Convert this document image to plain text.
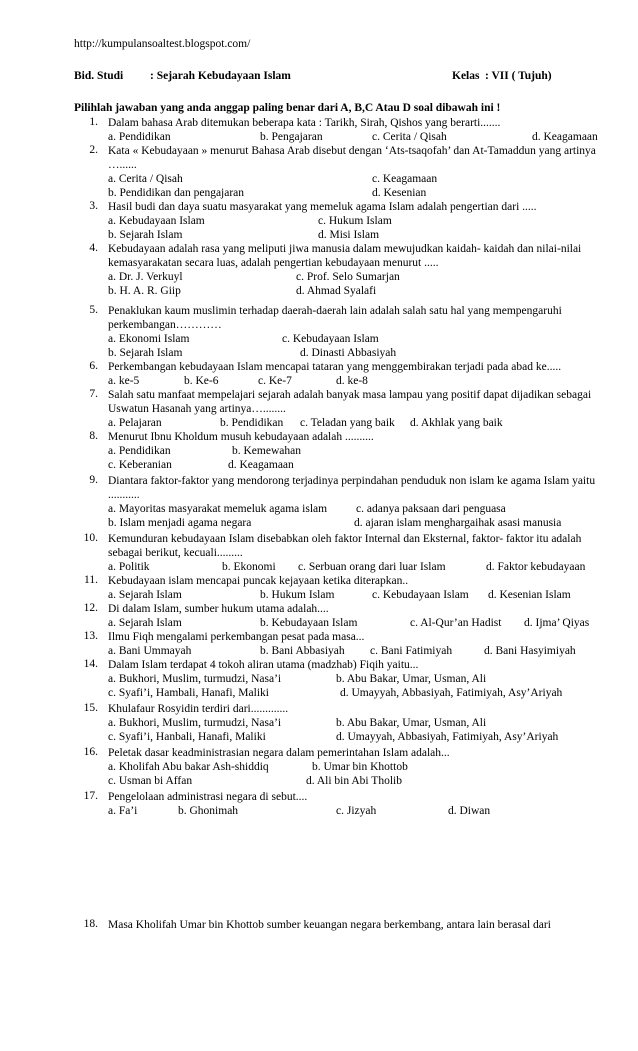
http://kumpulansoaltest.blogspot.com/
Bid. Studi : Sejarah Kebudayaan Islam	Kelas : VII ( Tujuh)
Pilihlah jawaban yang anda anggap paling benar dari A, B,C Atau D soal dibawah ini !
1. Dalam bahasa Arab ditemukan beberapa kata : Tarikh, Sirah, Qishos yang berarti.......
a. Pendidikan	b. Pengajaran	c. Cerita / Qisah	d. Keagamaan
2. Kata « Kebudayaan » menurut Bahasa Arab disebut dengan ‘Ats-tsaqofah’ dan At-Tamaddun yang artinya …......
a. Cerita / Qisah	c. Keagamaan
b. Pendidikan dan pengajaran	d. Kesenian
3. Hasil budi dan daya suatu masyarakat yang memeluk agama Islam adalah pengertian dari .....
a. Kebudayaan Islam	c. Hukum Islam
b. Sejarah Islam	d. Misi Islam
4. Kebudayaan adalah rasa yang meliputi jiwa manusia dalam mewujudkan kaidah- kaidah dan nilai-nilai kemasyarakatan secara luas, adalah pengertian kebudayaan menurut .....
a. Dr. J. Verkuyl	c. Prof. Selo Sumarjan
b. H. A. R. Giip	d. Ahmad Syalafi
5. Penaklukan kaum muslimin terhadap daerah-daerah lain adalah salah satu hal yang mempengaruhi perkembangan…………
a. Ekonomi Islam	c. Kebudayaan Islam
b. Sejarah Islam	d. Dinasti Abbasiyah
6. Perkembangan kebudayaan Islam mencapai tataran yang menggembirakan terjadi pada abad ke.....
a. ke-5	b. Ke-6	c. Ke-7	d. ke-8
7. Salah satu manfaat mempelajari sejarah adalah banyak masa lampau yang positif dapat dijadikan sebagai Uswatun Hasanah yang artinya…........
a. Pelajaran	b. Pendidikan c. Teladan yang baik d. Akhlak yang baik
8. Menurut Ibnu Kholdum musuh kebudayaan adalah ..........
a. Pendidikan	b. Kemewahan
c. Keberanian	d. Keagamaan
9. Diantara faktor-faktor yang mendorong terjadinya perpindahan penduduk non islam ke agama Islam yaitu ...........
a. Mayoritas masyarakat memeluk agama islam	c. adanya paksaan dari penguasa
b. Islam menjadi agama negara	d. ajaran islam menghargaihak asasi manusia
10. Kemunduran kebudayaan Islam disebabkan oleh faktor Internal dan Eksternal, faktor- faktor itu adalah sebagai berikut, kecuali.........
a. Politik	b. Ekonomi c. Serbuan orang dari luar Islam	d. Faktor kebudayaan
11. Kebudayaan islam mencapai puncak kejayaan ketika diterapkan..
a. Sejarah Islam	b. Hukum Islam	c. Kebudayaan Islam d. Kesenian Islam
12. Di dalam Islam, sumber hukum utama adalah....
a. Sejarah Islam	b. Kebudayaan Islam	c. Al-Qur’an Hadist d. Ijma’ Qiyas
13. Ilmu Fiqh mengalami perkembangan pesat pada masa...
a. Bani Ummayah	b. Bani Abbasiyah c. Bani Fatimiyah	d. Bani Hasyimiyah
14. Dalam Islam terdapat 4 tokoh aliran utama (madzhab) Fiqih yaitu...
a. Bukhori, Muslim, turmudzi, Nasa’i	b. Abu Bakar, Umar, Usman, Ali
c. Syafi’i, Hambali, Hanafi, Maliki	d. Umayyah, Abbasiyah, Fatimiyah, Asy’Ariyah
15. Khulafaur Rosyidin terdiri dari.............
a. Bukhori, Muslim, turmudzi, Nasa’i	b. Abu Bakar, Umar, Usman, Ali
c. Syafi’i, Hanbali, Hanafi, Maliki	d. Umayyah, Abbasiyah, Fatimiyah, Asy’Ariyah
16. Peletak dasar keadministrasian negara dalam pemerintahan Islam adalah...
a. Kholifah Abu bakar Ash-shiddiq	b. Umar bin Khottob
c. Usman bi Affan	d. Ali bin Abi Tholib
17. Pengelolaan administrasi negara di sebut....
a. Fa’i	b. Ghonimah	c. Jizyah	d. Diwan
18. Masa Kholifah Umar bin Khottob sumber keuangan negara berkembang, antara lain berasal dari
